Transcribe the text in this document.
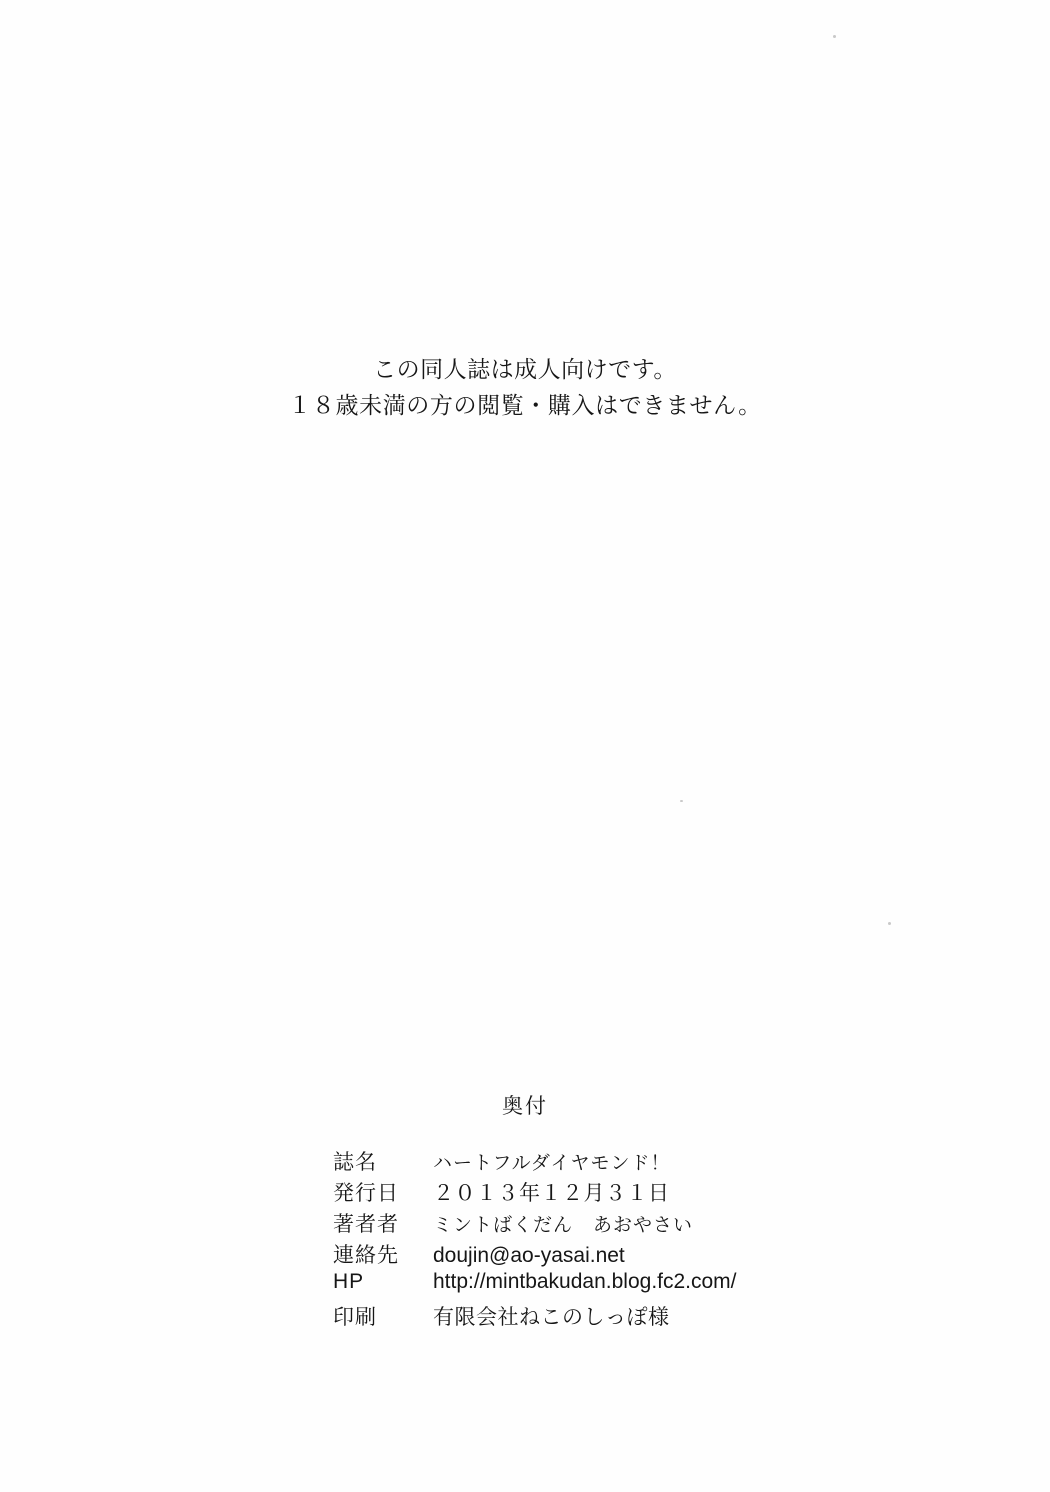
この同人誌は成人向けです。
１８歳未満の方の閲覧・購入はできません。
奥付
誌名	ハートフルダイヤモンド！
発行日	２０１３年１２月３１日
著者者	ミントばくだん　あおやさい
連絡先	doujin@ao-yasai.net
HP	http://mintbakudan.blog.fc2.com/
印刷	有限会社ねこのしっぽ様
